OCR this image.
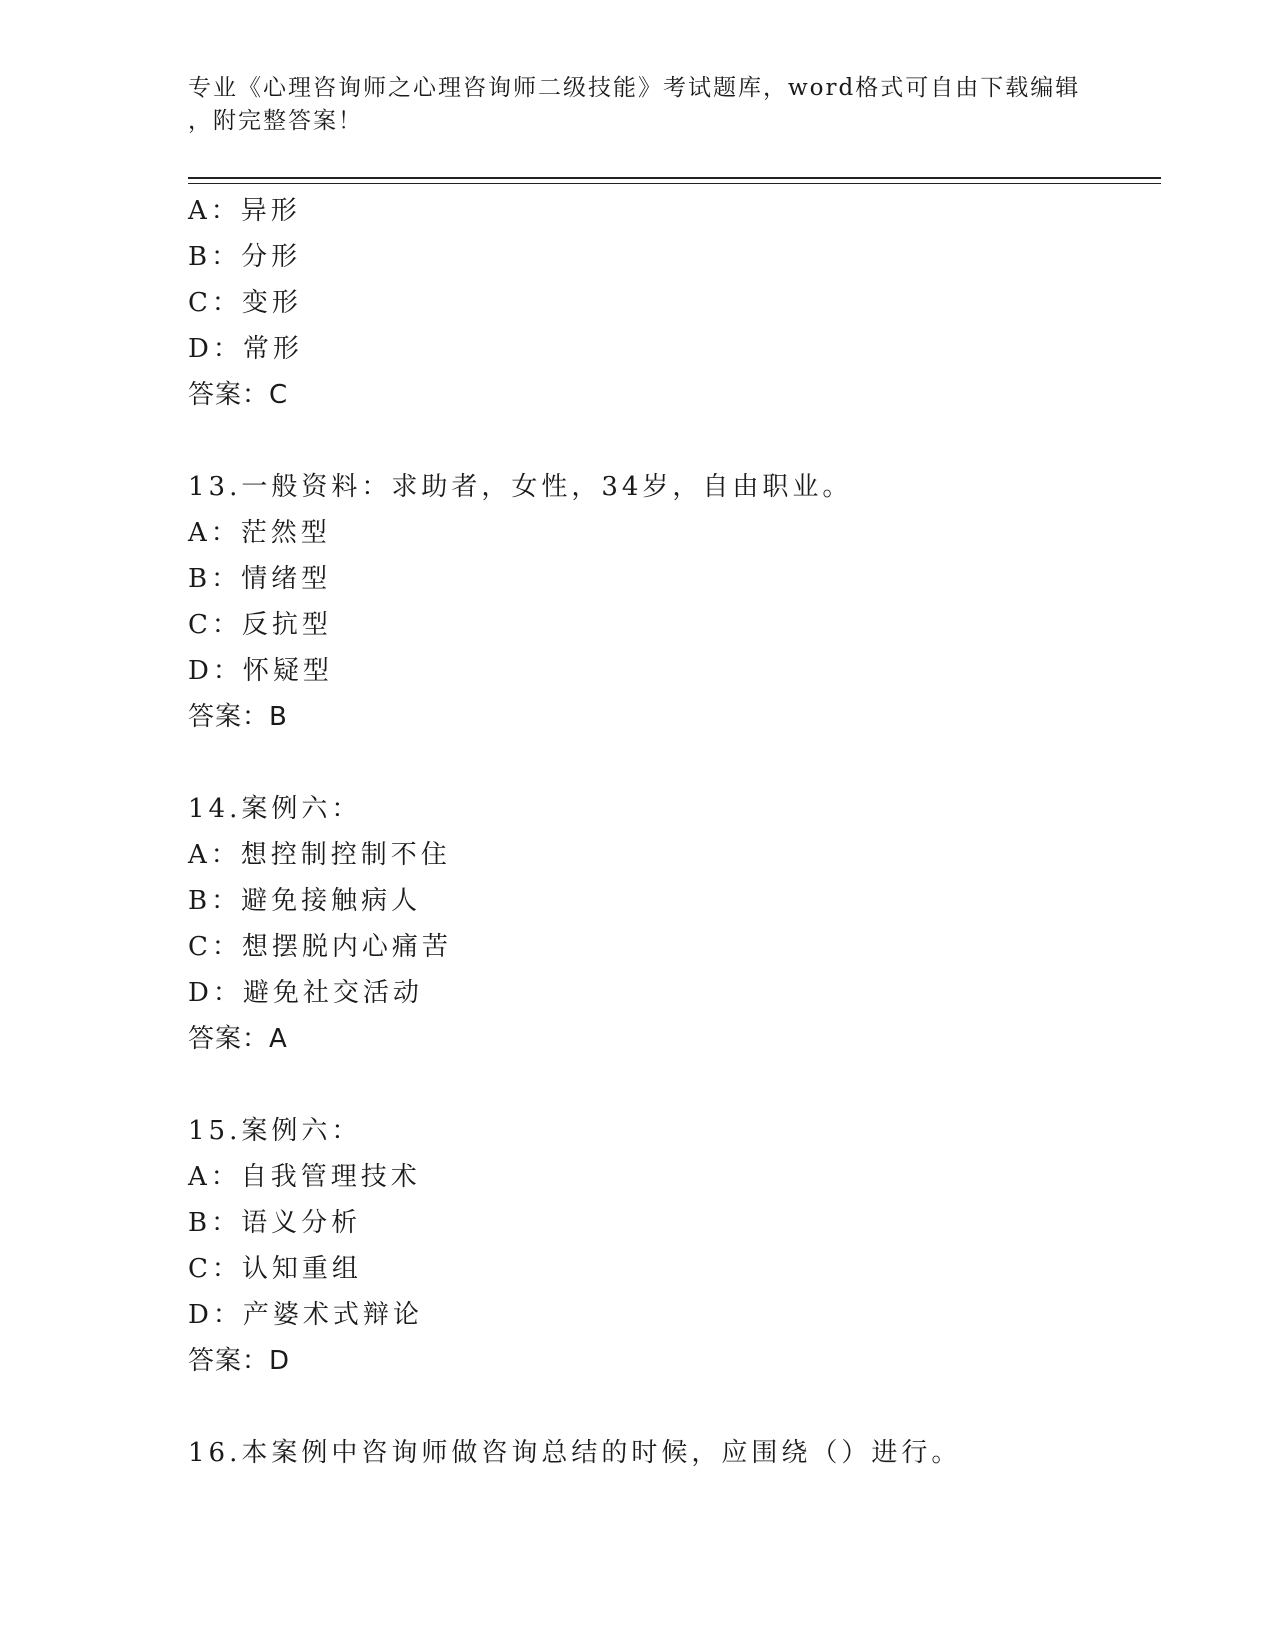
专业《心理咨询师之心理咨询师二级技能》考试题库，word格式可自由下载编辑
，附完整答案！
A：异形
B：分形
C：变形
D：常形
答案：C
13.一般资料：求助者，女性，34岁，自由职业。
A：茫然型
B：情绪型
C：反抗型
D：怀疑型
答案：B
14.案例六：
A：想控制控制不住
B：避免接触病人
C：想摆脱内心痛苦
D：避免社交活动
答案：A
15.案例六：
A：自我管理技术
B：语义分析
C：认知重组
D：产婆术式辩论
答案：D
16.本案例中咨询师做咨询总结的时候，应围绕（）进行。
